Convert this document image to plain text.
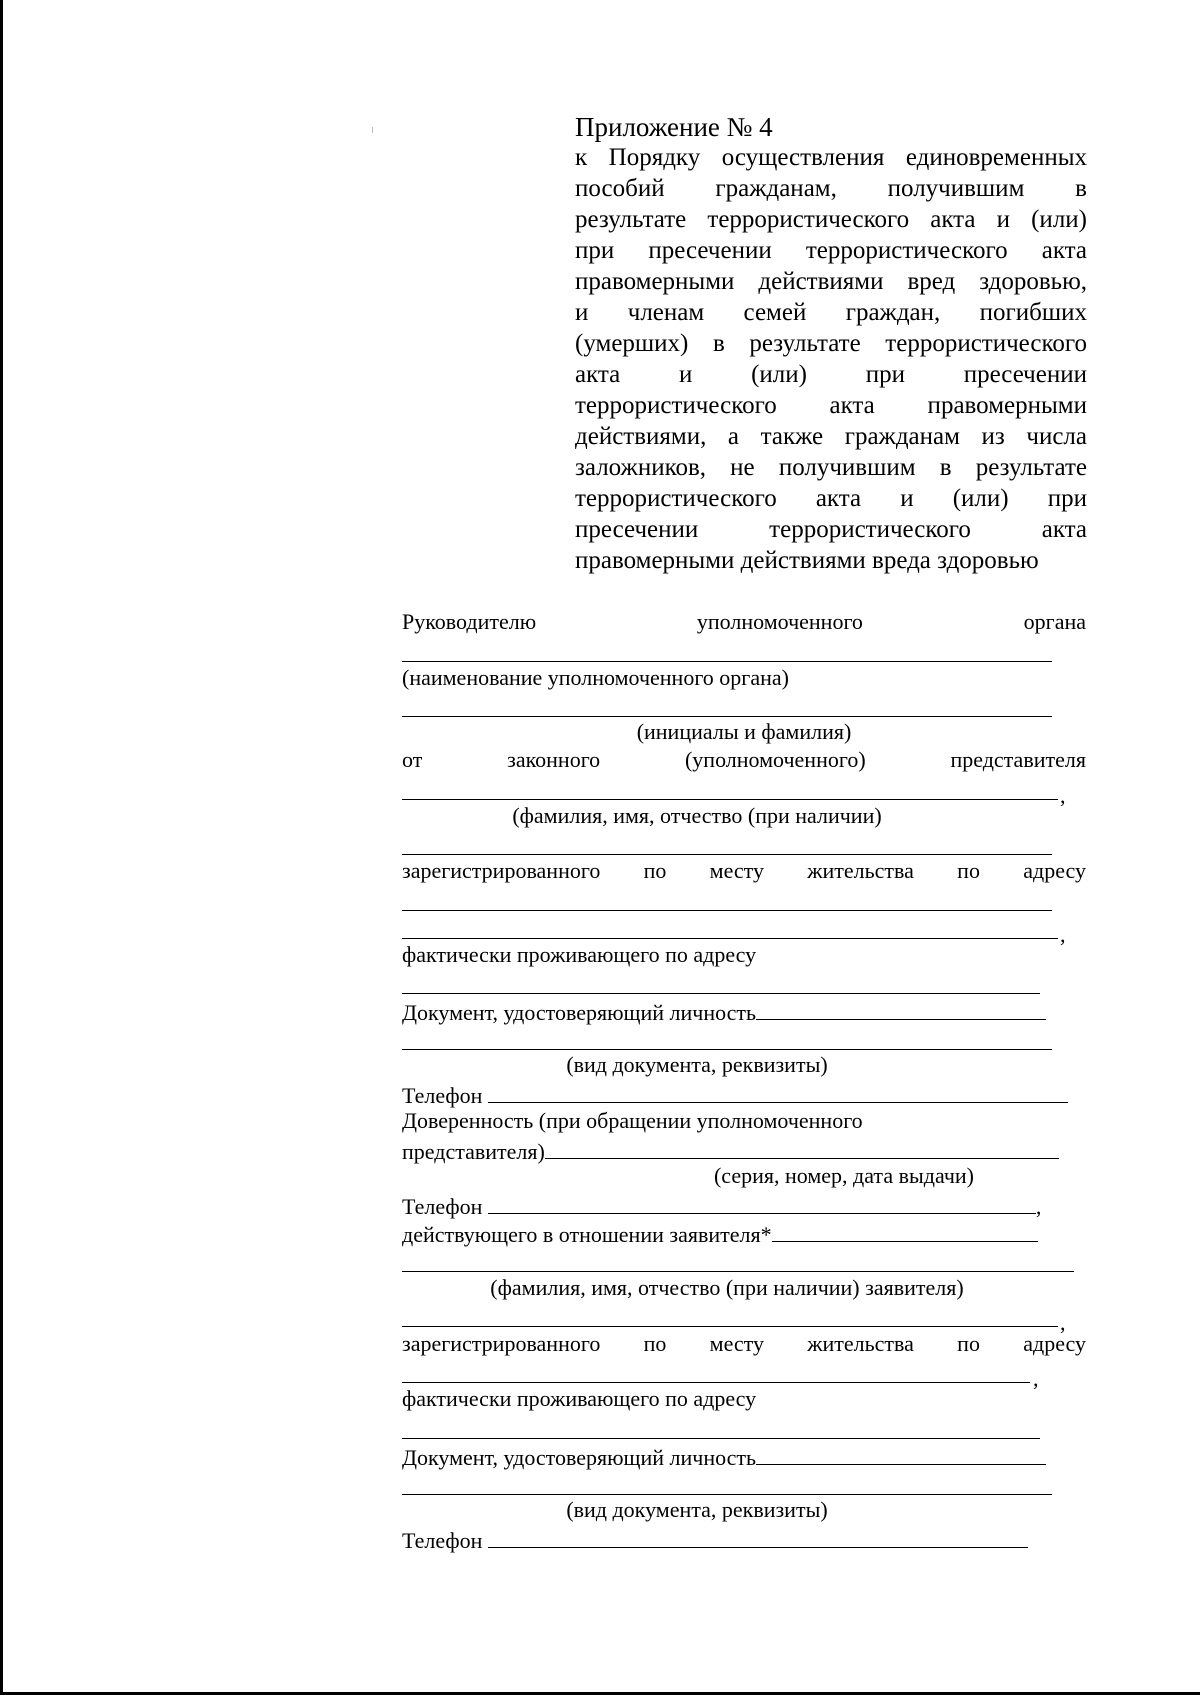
Приложение № 4
к Порядку осуществления единовременных
пособий гражданам, получившим в
результате террористического акта и (или)
при пресечении террористического акта
правомерными действиями вред здоровью,
и членам семей граждан, погибших
(умерших) в результате террористического
акта и (или) при пресечении
террористического акта правомерными
действиями, а также гражданам из числа
заложников, не получившим в результате
террористического акта и (или) при
пресечении террористического акта
правомерными действиями вреда здоровью
Руководителю	уполномоченного	органа
(наименование уполномоченного органа)
(инициалы и фамилия)
от	законного	(уполномоченного)	представителя
,
(фамилия, имя, отчество (при наличии)
зарегистрированного по месту жительства по адресу
,
фактически проживающего по адресу
Документ, удостоверяющий личность
(вид документа, реквизиты)
Телефон
Доверенность (при обращении уполномоченного
представителя)
(серия, номер, дата выдачи)
Телефон	,
действующего в отношении заявителя*
(фамилия, имя, отчество (при наличии) заявителя)
,
зарегистрированного по месту жительства по адресу
,
фактически проживающего по адресу
Документ, удостоверяющий личность
(вид документа, реквизиты)
Телефон
